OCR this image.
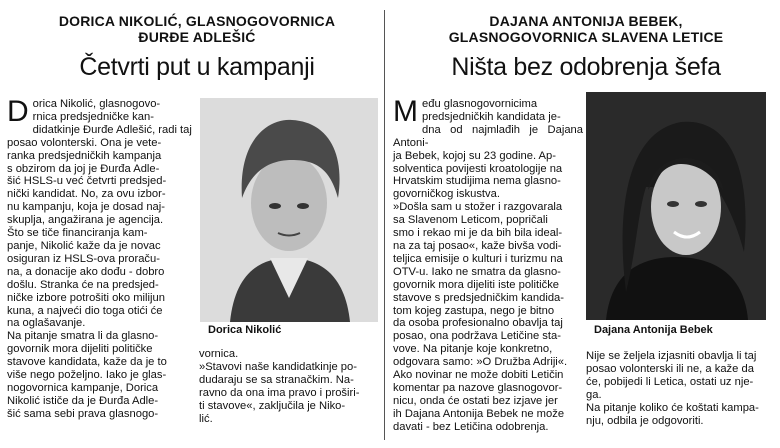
DORICA NIKOLIĆ, GLASNOGOVORNICA
ĐURĐE ADLEŠIĆ
Četvrti put u kampanji
D orica Nikolić, glasnogovo-
rnica predsjedničke kan-
didatkinje Đurđe Adlešić, radi taj
posao volonterski. Ona je vete-
ranka predsjedničkih kampanja
s obzirom da joj je Đurđa Adle-
šić HSLS-u već četvrti predsjed-
nički kandidat. No, za ovu izbor-
nu kampanju, koja je dosad naj-
skuplja, angažirana je agencija.
Što se tiče financiranja kam-
panje, Nikolić kaže da je novac
osiguran iz HSLS-ova proraču-
na, a donacije ako dođu - dobro
došlu. Stranka će na predsjed-
ničke izbore potrošiti oko milijun
kuna, a najveći dio toga otići će
na oglašavanje.
Na pitanje smatra li da glasno-
govornik mora dijeliti političke
stavove kandidata, kaže da je to
više nego poželjno. Iako je glas-
nogovornica kampanje, Dorica
Nikolić ističe da je Đurđa Adle-
šić sama sebi prava glasnogo-
Dorica Nikolić
vornica.
»Stavovi naše kandidatkinje po-
dudaraju se sa stranačkim. Na-
ravno da ona ima pravo i proširi-
ti stavove«, zaključila je Niko-
lić.
DAJANA ANTONIJA BEBEK,
GLASNOGOVORNICA SLAVENA LETICE
Ništa bez odobrenja šefa
M eđu glasnogovornicima
predsjedničkih kandidata je-
dna od najmlađih je Dajana Antoni-
ja Bebek, kojoj su 23 godine. Ap-
solventica povijesti kroatologije na
Hrvatskim studijima nema glasno-
govorničkog iskustva.
»Došla sam u stožer i razgovarala
sa Slavenom Leticom, popričali
smo i rekao mi je da bih bila ideal-
na za taj posao«, kaže bivša vodi-
teljica emisije o kulturi i turizmu na
OTV-u. Iako ne smatra da glasno-
govornik mora dijeliti iste političke
stavove s predsjedničkim kandida-
tom kojeg zastupa, nego je bitno
da osoba profesionalno obavlja taj
posao, ona podržava Letičine sta-
vove. Na pitanje koje konkretno,
odgovara samo: »O Družba Adriji«.
Ako novinar ne može dobiti Letičin
komentar pa nazove glasnogovor-
nicu, onda će ostati bez izjave jer
ih Dajana Antonija Bebek ne može
davati - bez Letičina odobrenja.
Dajana Antonija Bebek
Nije se željela izjasniti obavlja li taj
posao volonterski ili ne, a kaže da
će, pobijedi li Letica, ostati uz nje-
ga.
Na pitanje koliko će koštati kampa-
nju, odbila je odgovoriti.
